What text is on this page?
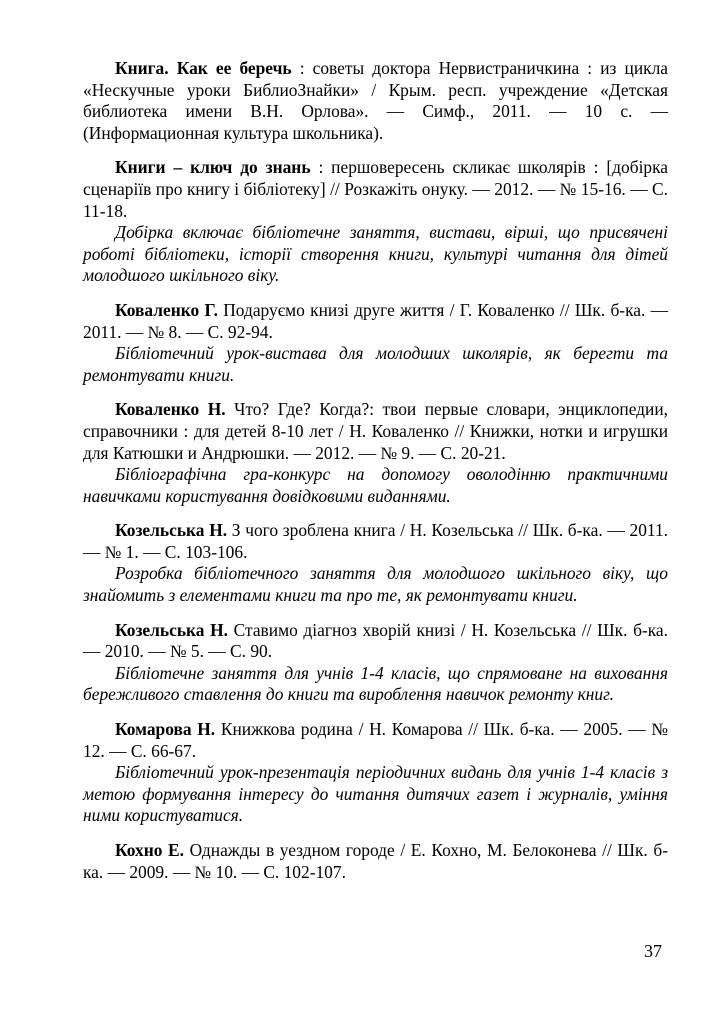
Книга. Как ее беречь : советы доктора Нервистраничкина : из цикла «Нескучные уроки БиблиоЗнайки» / Крым. респ. учреждение «Детская библиотека имени В.Н. Орлова». — Симф., 2011. — 10 с. — (Информационная культура школьника).

Книги – ключ до знань : першовересень скликає школярів : [добірка сценаріїв про книгу і бібліотеку] // Розкажіть онуку. — 2012. — № 15-16. — С. 11-18.

Добірка включає бібліотечне заняття, вистави, вірші, що присвячені роботі бібліотеки, історії створення книги, культурі читання для дітей молодшого шкільного віку.

Коваленко Г. Подаруємо книзі друге життя / Г. Коваленко // Шк. б-ка. — 2011. — № 8. — С. 92-94.

Бібліотечний урок-вистава для молодших школярів, як берегти та ремонтувати книги.

Коваленко Н. Что? Где? Когда?: твои первые словари, энциклопедии, справочники : для детей 8-10 лет / Н. Коваленко // Книжки, нотки и игрушки для Катюшки и Андрюшки. — 2012. — № 9. — С. 20-21.

Бібліографічна гра-конкурс на допомогу оволодінню практичними навичками користування довідковими виданнями.

Козельська Н. З чого зроблена книга / Н. Козельська // Шк. б-ка. — 2011. — № 1. — С. 103-106.

Розробка бібліотечного заняття для молодшого шкільного віку, що знайомить з елементами книги та про те, як ремонтувати книги.

Козельська Н. Ставимо діагноз хворій книзі / Н. Козельська // Шк. б-ка. — 2010. — № 5. — С. 90.

Бібліотечне заняття для учнів 1-4 класів, що спрямоване на виховання бережливого ставлення до книги та вироблення навичок ремонту книг.

Комарова Н. Книжкова родина / Н. Комарова // Шк. б-ка. — 2005. — № 12. — С. 66-67.

Бібліотечний урок-презентація періодичних видань для учнів 1-4 класів з метою формування інтересу до читання дитячих газет і журналів, уміння ними користуватися.

Кохно Е. Однажды в уездном городе / Е. Кохно, М. Белоконева // Шк. б-ка. — 2009. — № 10. — С. 102-107.

37
